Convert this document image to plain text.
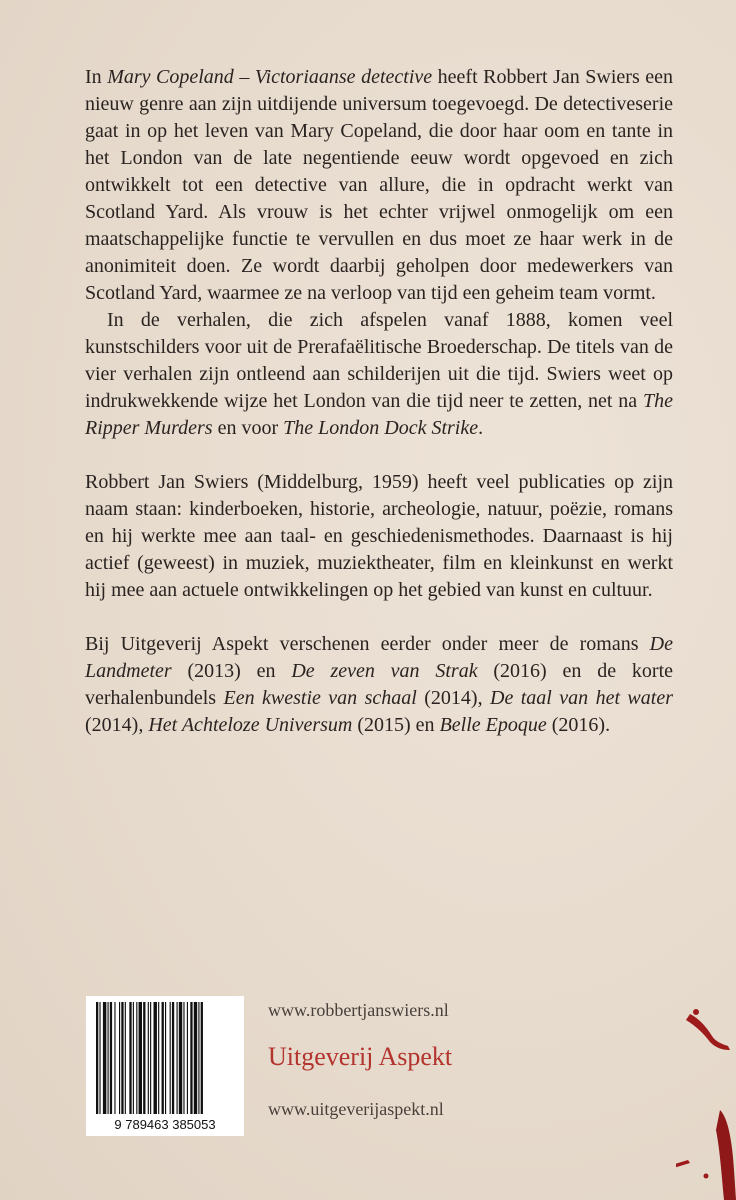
In Mary Copeland – Victoriaanse detective heeft Robbert Jan Swiers een nieuw genre aan zijn uitdijende universum toegevoegd. De detectiveserie gaat in op het leven van Mary Copeland, die door haar oom en tante in het London van de late negentiende eeuw wordt opgevoed en zich ontwikkelt tot een detective van allure, die in opdracht werkt van Scotland Yard. Als vrouw is het echter vrijwel onmogelijk om een maatschappelijke functie te vervullen en dus moet ze haar werk in de anonimiteit doen. Ze wordt daarbij geholpen door medewerkers van Scotland Yard, waarmee ze na verloop van tijd een geheim team vormt.

In de verhalen, die zich afspelen vanaf 1888, komen veel kunstschilders voor uit de Prerafaëlitische Broederschap. De titels van de vier verhalen zijn ontleend aan schilderijen uit die tijd. Swiers weet op indrukwekkende wijze het London van die tijd neer te zetten, net na The Ripper Murders en voor The London Dock Strike.

Robbert Jan Swiers (Middelburg, 1959) heeft veel publicaties op zijn naam staan: kinderboeken, historie, archeologie, natuur, poëzie, romans en hij werkte mee aan taal- en geschiedenismethodes. Daarnaast is hij actief (geweest) in muziek, muziektheater, film en kleinkunst en werkt hij mee aan actuele ontwikkelingen op het gebied van kunst en cultuur.

Bij Uitgeverij Aspekt verschenen eerder onder meer de romans De Landmeter (2013) en De zeven van Strak (2016) en de korte verhalenbundels Een kwestie van schaal (2014), De taal van het water (2014), Het Achteloze Universum (2015) en Belle Epoque (2016).

9 789463 385053
www.robbertjanswiers.nl
Uitgeverij Aspekt
www.uitgeverijaspekt.nl
